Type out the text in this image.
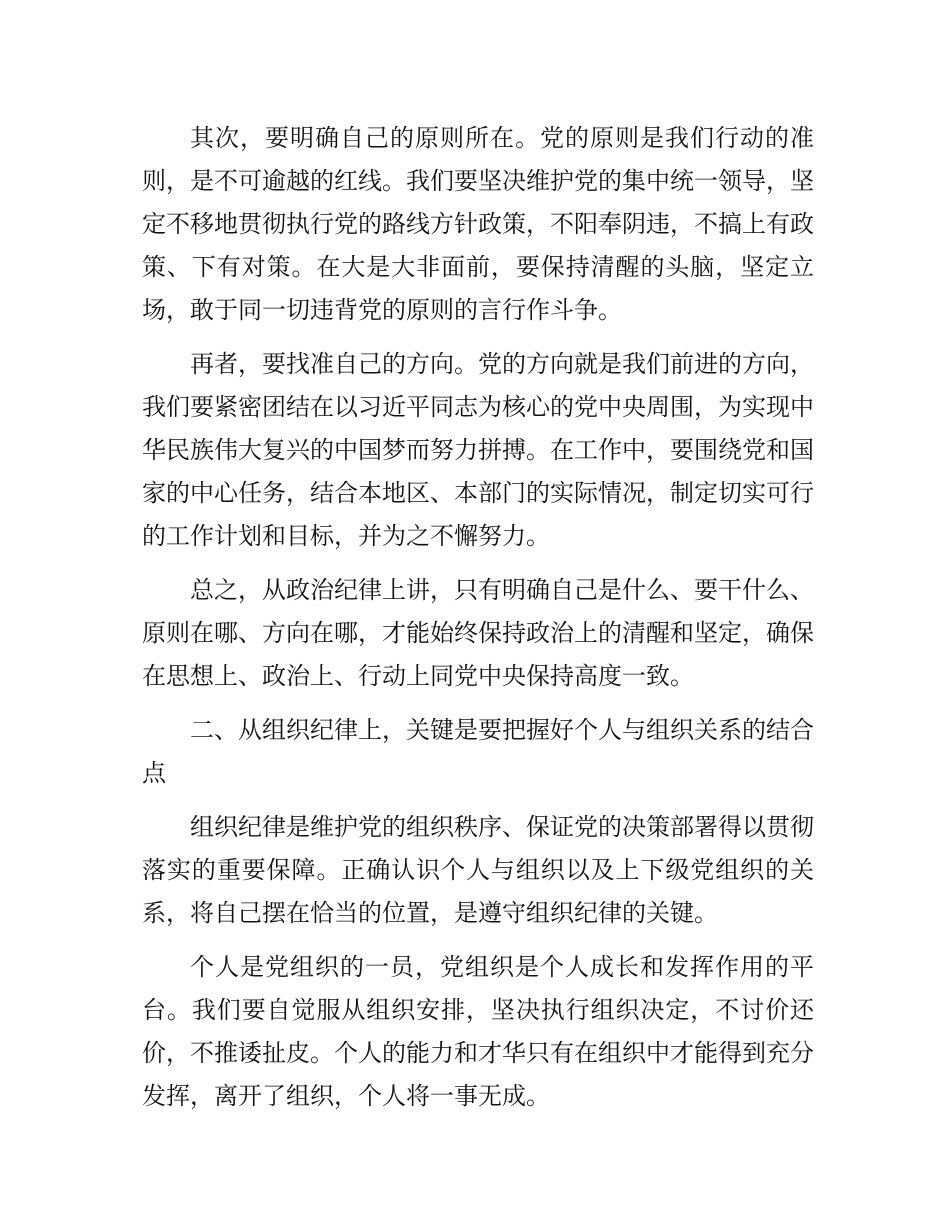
其次，要明确自己的原则所在。党的原则是我们行动的准则，是不可逾越的红线。我们要坚决维护党的集中统一领导，坚定不移地贯彻执行党的路线方针政策，不阳奉阴违，不搞上有政策、下有对策。在大是大非面前，要保持清醒的头脑，坚定立场，敢于同一切违背党的原则的言行作斗争。

再者，要找准自己的方向。党的方向就是我们前进的方向，我们要紧密团结在以习近平同志为核心的党中央周围，为实现中华民族伟大复兴的中国梦而努力拼搏。在工作中，要围绕党和国家的中心任务，结合本地区、本部门的实际情况，制定切实可行的工作计划和目标，并为之不懈努力。

总之，从政治纪律上讲，只有明确自己是什么、要干什么、原则在哪、方向在哪，才能始终保持政治上的清醒和坚定，确保在思想上、政治上、行动上同党中央保持高度一致。

二、从组织纪律上，关键是要把握好个人与组织关系的结合点

组织纪律是维护党的组织秩序、保证党的决策部署得以贯彻落实的重要保障。正确认识个人与组织以及上下级党组织的关系，将自己摆在恰当的位置，是遵守组织纪律的关键。

个人是党组织的一员，党组织是个人成长和发挥作用的平台。我们要自觉服从组织安排，坚决执行组织决定，不讨价还价，不推诿扯皮。个人的能力和才华只有在组织中才能得到充分发挥，离开了组织，个人将一事无成。
